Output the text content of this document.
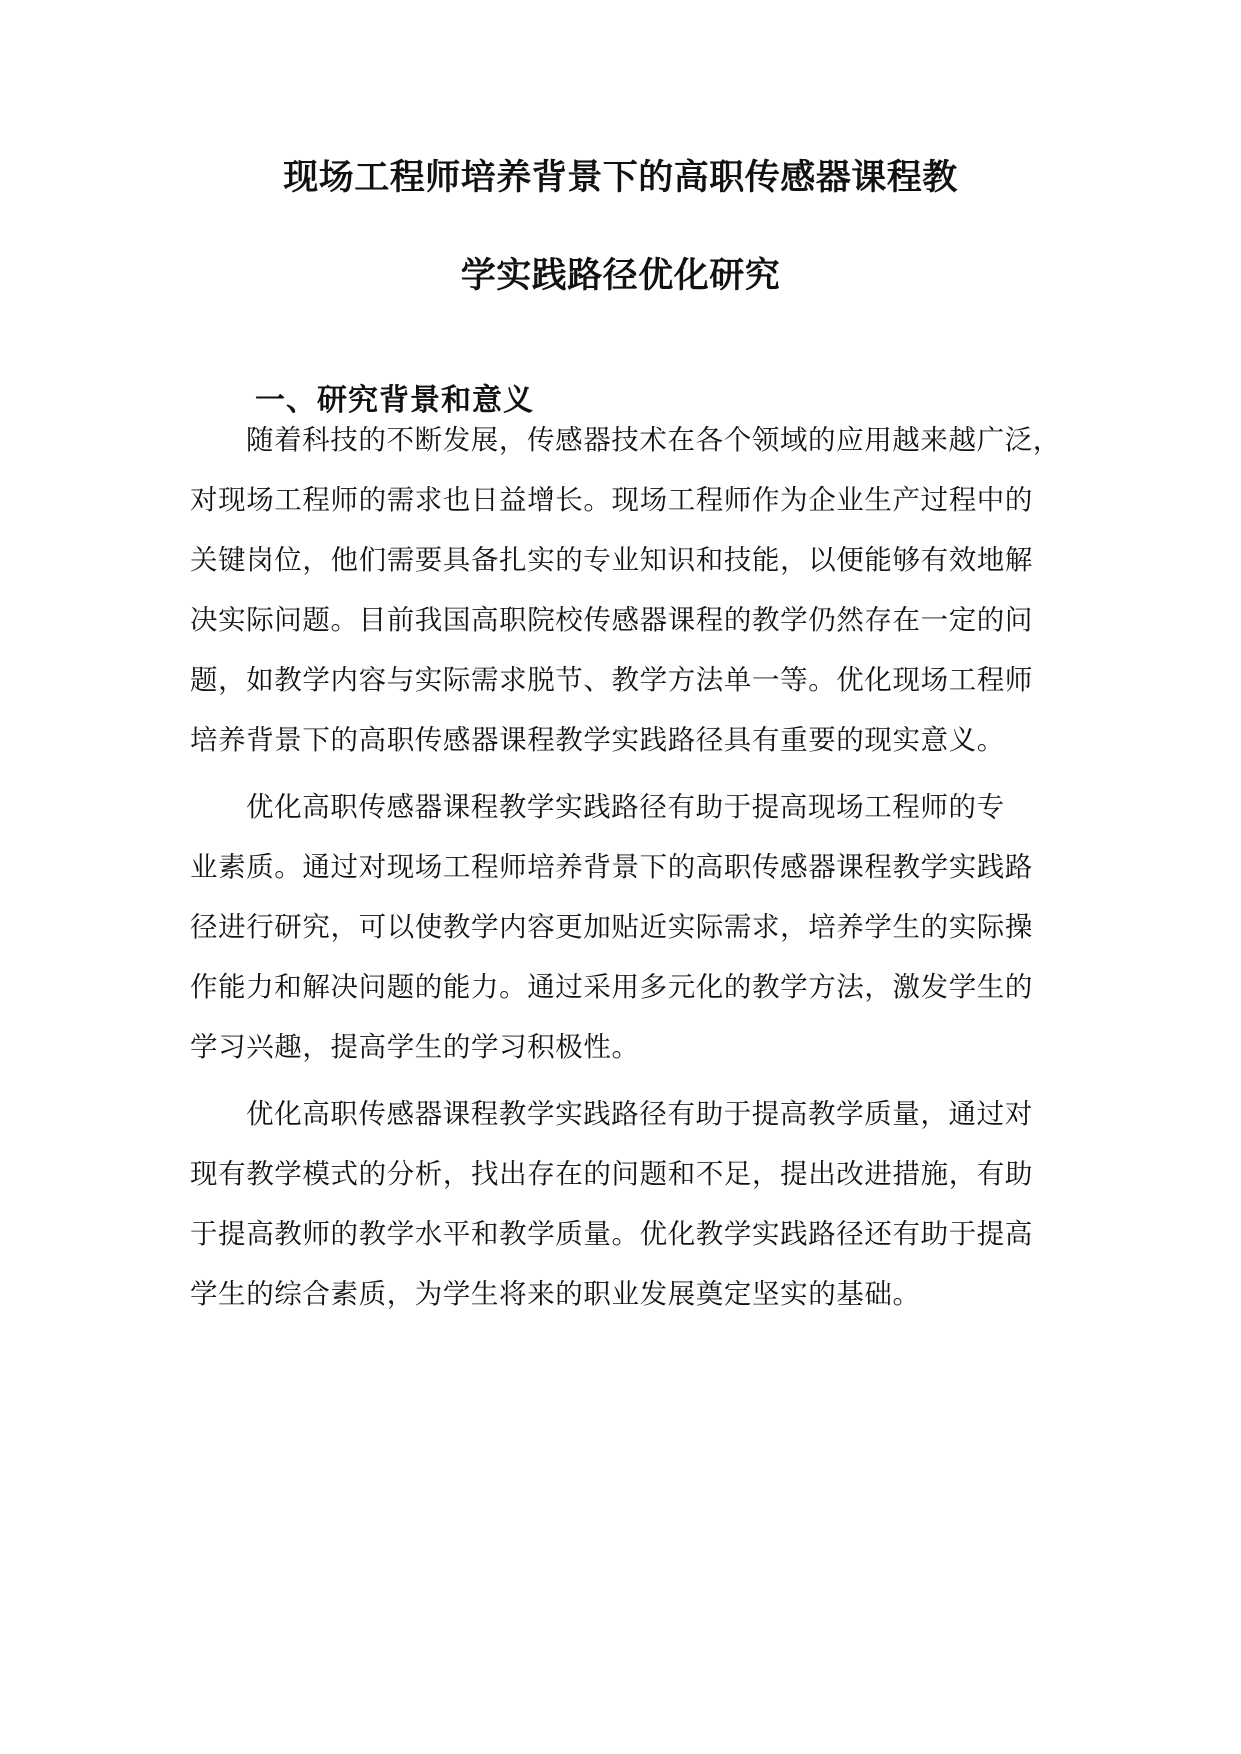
现场工程师培养背景下的高职传感器课程教
学实践路径优化研究
一、研究背景和意义

随着科技的不断发展，传感器技术在各个领域的应用越来越广泛，

对现场工程师的需求也日益增长。现场工程师作为企业生产过程中的

关键岗位，他们需要具备扎实的专业知识和技能，以便能够有效地解

决实际问题。目前我国高职院校传感器课程的教学仍然存在一定的问

题，如教学内容与实际需求脱节、教学方法单一等。优化现场工程师

培养背景下的高职传感器课程教学实践路径具有重要的现实意义。

优化高职传感器课程教学实践路径有助于提高现场工程师的专

业素质。通过对现场工程师培养背景下的高职传感器课程教学实践路

径进行研究，可以使教学内容更加贴近实际需求，培养学生的实际操

作能力和解决问题的能力。通过采用多元化的教学方法，激发学生的

学习兴趣，提高学生的学习积极性。

优化高职传感器课程教学实践路径有助于提高教学质量，通过对

现有教学模式的分析，找出存在的问题和不足，提出改进措施，有助

于提高教师的教学水平和教学质量。优化教学实践路径还有助于提高

学生的综合素质，为学生将来的职业发展奠定坚实的基础。
